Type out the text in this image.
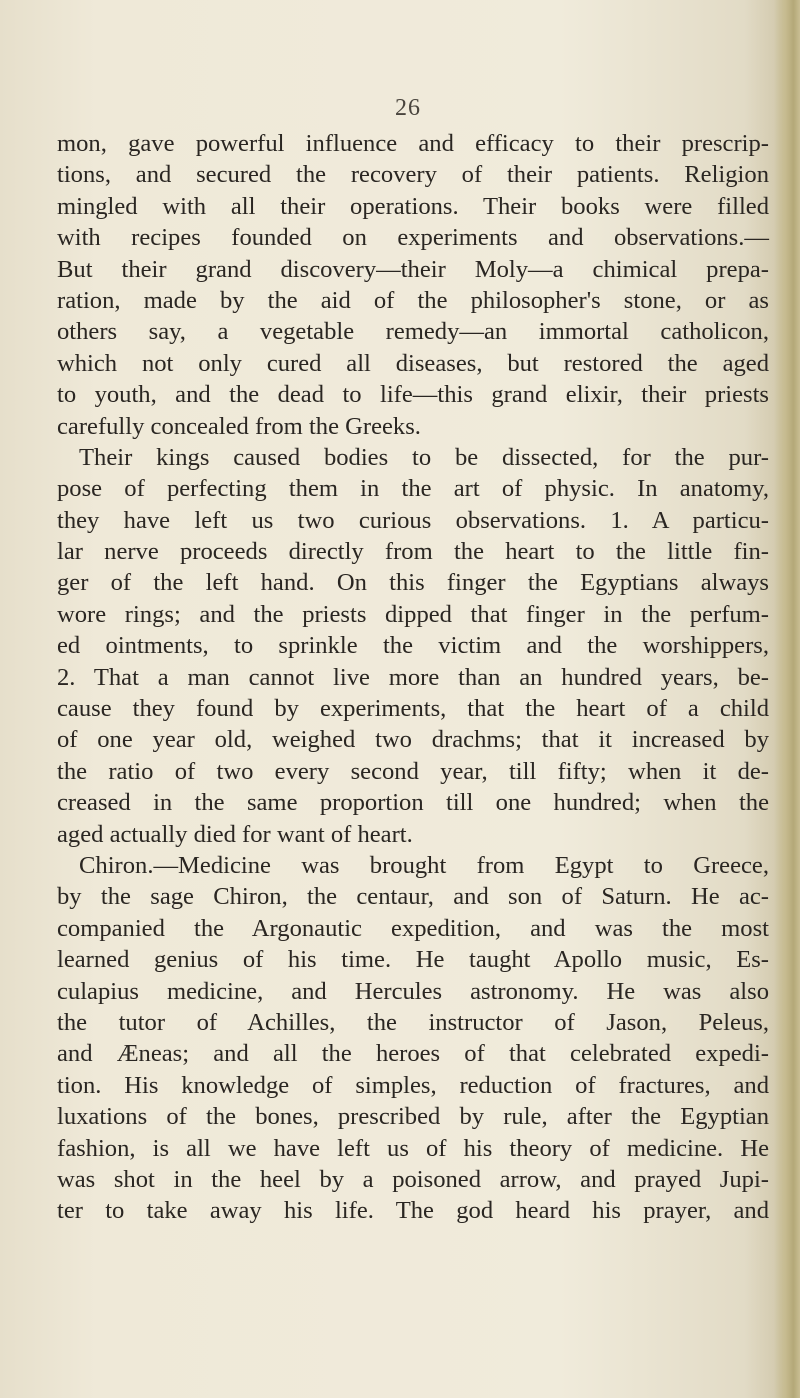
26
mon, gave powerful influence and efficacy to their prescrip-
tions, and secured the recovery of their patients. Religion
mingled with all their operations. Their books were filled
with recipes founded on experiments and observations.—
But their grand discovery—their Moly—a chimical prepa-
ration, made by the aid of the philosopher's stone, or as
others say, a vegetable remedy—an immortal catholicon,
which not only cured all diseases, but restored the aged
to youth, and the dead to life—this grand elixir, their priests
carefully concealed from the Greeks.
Their kings caused bodies to be dissected, for the pur-
pose of perfecting them in the art of physic. In anatomy,
they have left us two curious observations. 1. A particu-
lar nerve proceeds directly from the heart to the little fin-
ger of the left hand. On this finger the Egyptians always
wore rings; and the priests dipped that finger in the perfum-
ed ointments, to sprinkle the victim and the worshippers,
2. That a man cannot live more than an hundred years, be-
cause they found by experiments, that the heart of a child
of one year old, weighed two drachms; that it increased by
the ratio of two every second year, till fifty; when it de-
creased in the same proportion till one hundred; when the
aged actually died for want of heart.
Chiron.—Medicine was brought from Egypt to Greece,
by the sage Chiron, the centaur, and son of Saturn. He ac-
companied the Argonautic expedition, and was the most
learned genius of his time. He taught Apollo music, Es-
culapius medicine, and Hercules astronomy. He was also
the tutor of Achilles, the instructor of Jason, Peleus,
and Æneas; and all the heroes of that celebrated expedi-
tion. His knowledge of simples, reduction of fractures, and
luxations of the bones, prescribed by rule, after the Egyptian
fashion, is all we have left us of his theory of medicine. He
was shot in the heel by a poisoned arrow, and prayed Jupi-
ter to take away his life. The god heard his prayer, and
